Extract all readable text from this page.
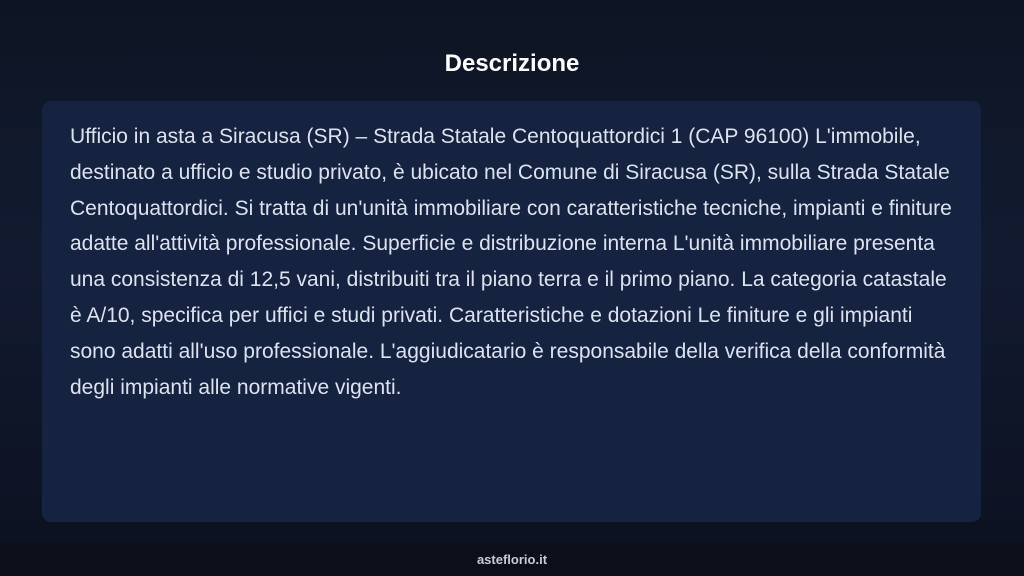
Descrizione

Ufficio in asta a Siracusa (SR) – Strada Statale Centoquattordici 1 (CAP 96100) L'immobile, destinato a ufficio e studio privato, è ubicato nel Comune di Siracusa (SR), sulla Strada Statale Centoquattordici. Si tratta di un'unità immobiliare con caratteristiche tecniche, impianti e finiture adatte all'attività professionale. Superficie e distribuzione interna L'unità immobiliare presenta una consistenza di 12,5 vani, distribuiti tra il piano terra e il primo piano. La categoria catastale è A/10, specifica per uffici e studi privati. Caratteristiche e dotazioni Le finiture e gli impianti sono adatti all'uso professionale. L'aggiudicatario è responsabile della verifica della conformità degli impianti alle normative vigenti.

asteflorio.it
